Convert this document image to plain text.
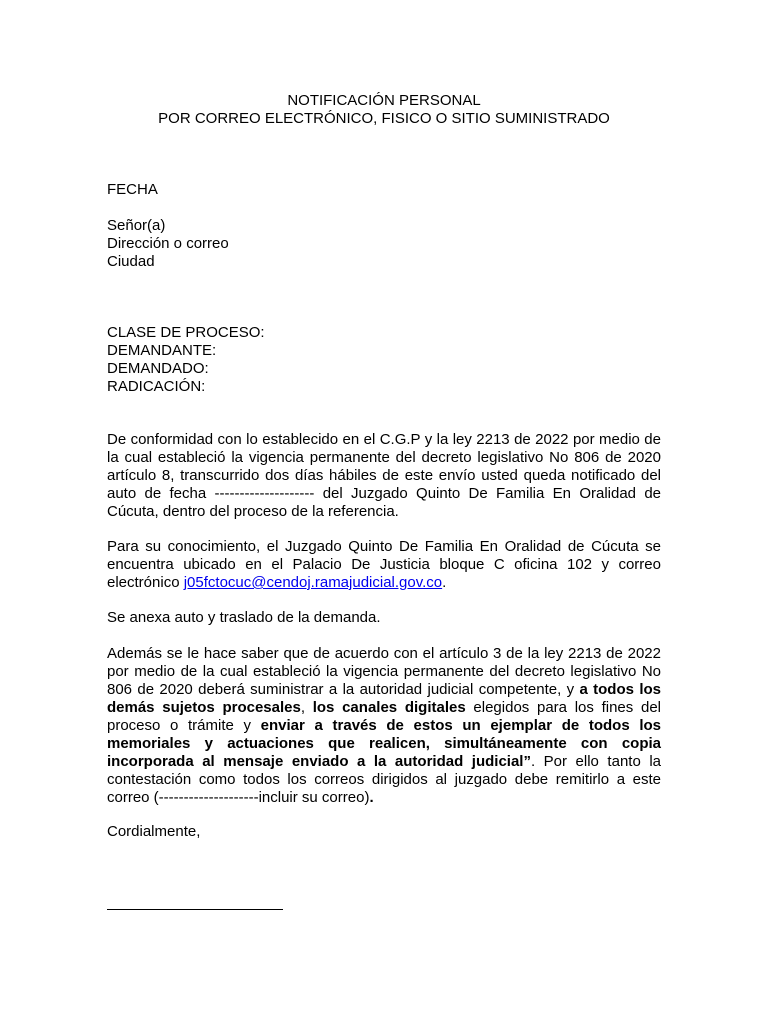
NOTIFICACIÓN PERSONAL
POR CORREO ELECTRÓNICO, FISICO O SITIO SUMINISTRADO
FECHA
Señor(a)
Dirección o correo
Ciudad
CLASE DE PROCESO:
DEMANDANTE:
DEMANDADO:
RADICACIÓN:
De conformidad con lo establecido en el C.G.P y la ley 2213 de 2022 por medio de la cual estableció la vigencia permanente del decreto legislativo No 806 de 2020 artículo 8, transcurrido dos días hábiles de este envío usted queda notificado del auto de fecha -------------------- del Juzgado Quinto De Familia En Oralidad de Cúcuta, dentro del proceso de la referencia.
Para su conocimiento, el Juzgado Quinto De Familia En Oralidad de Cúcuta se encuentra ubicado en el Palacio De Justicia bloque C oficina 102 y correo electrónico j05fctocuc@cendoj.ramajudicial.gov.co.
Se anexa auto y traslado de la demanda.
Además se le hace saber que de acuerdo con el artículo 3 de la ley 2213 de 2022 por medio de la cual estableció la vigencia permanente del decreto legislativo No 806 de 2020 deberá suministrar a la autoridad judicial competente, y a todos los demás sujetos procesales, los canales digitales elegidos para los fines del proceso o trámite y enviar a través de estos un ejemplar de todos los memoriales y actuaciones que realicen, simultáneamente con copia incorporada al mensaje enviado a la autoridad judicial”. Por ello tanto la contestación como todos los correos dirigidos al juzgado debe remitirlo a este correo (--------------------incluir su correo).
Cordialmente,
